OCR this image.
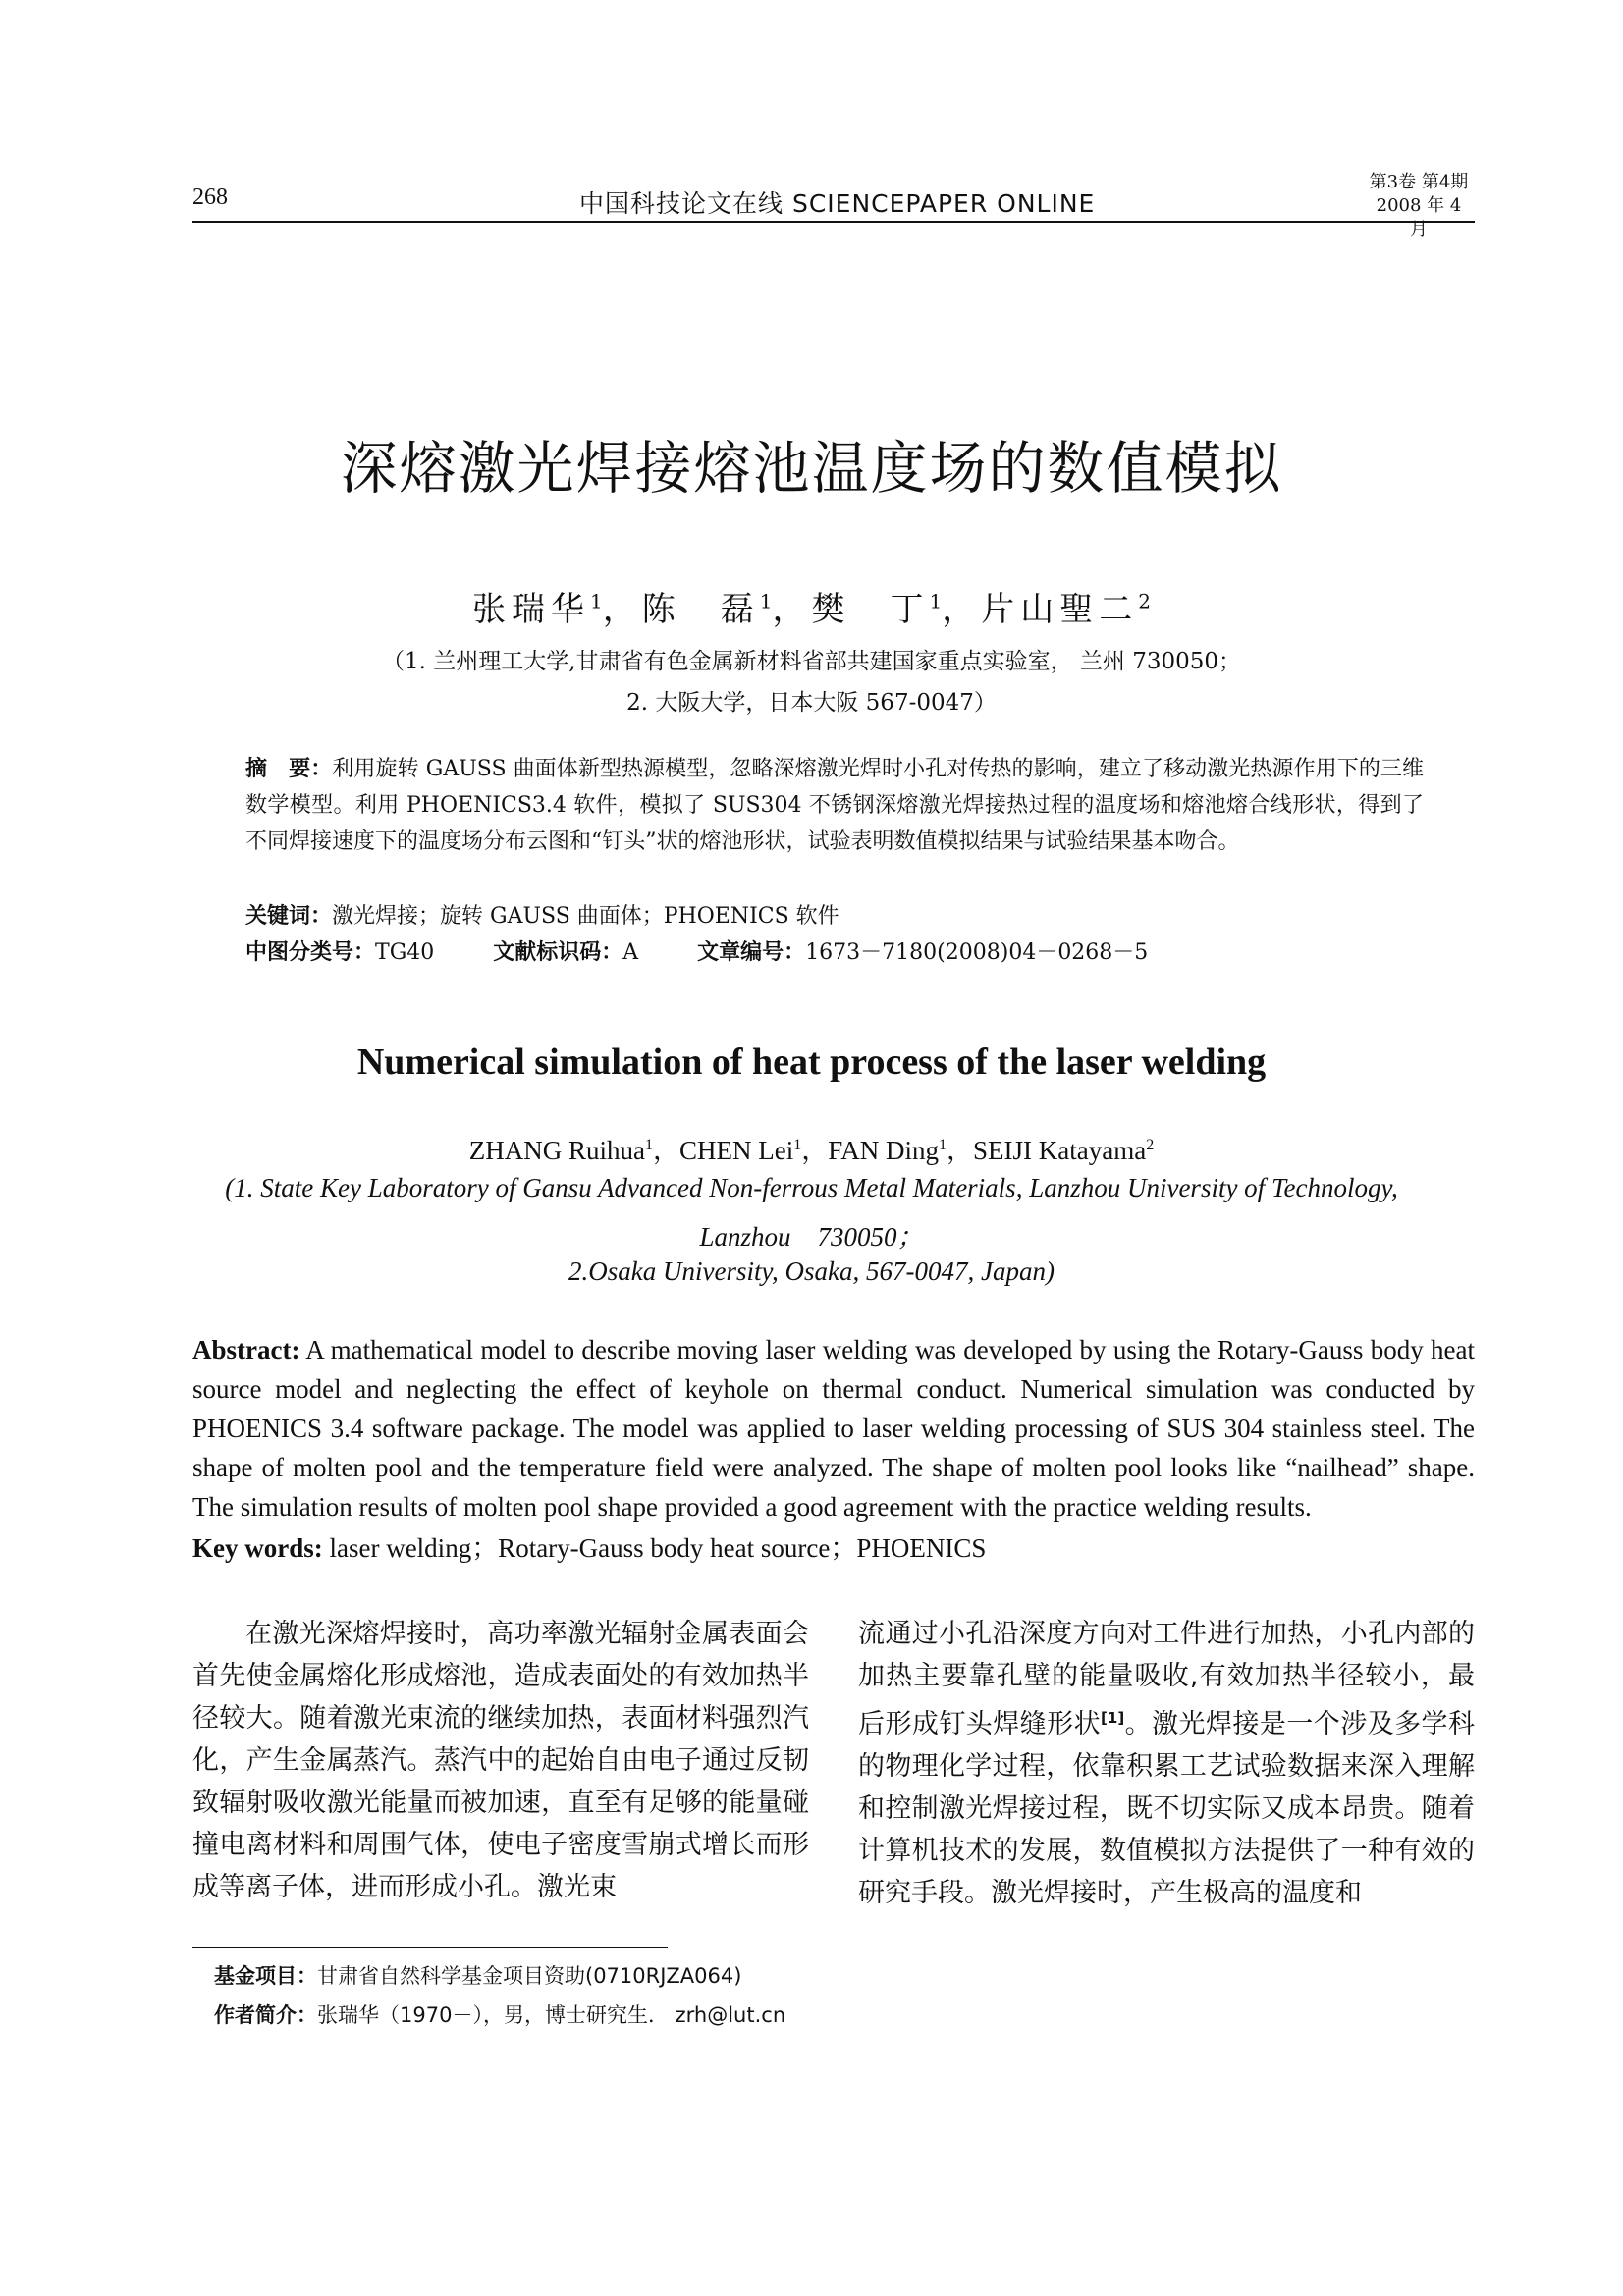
268	中国科技论文在线 SCIENCEPAPER ONLINE
第3卷 第4期
2008 年 4 月
深熔激光焊接熔池温度场的数值模拟
张瑞华$^1$，陈　磊$^1$，樊　丁$^1$，片山聖二$^2$
（1. 兰州理工大学,甘肃省有色金属新材料省部共建国家重点实验室， 兰州 730050；
2. 大阪大学，日本大阪 567-0047）
摘　要：利用旋转 GAUSS 曲面体新型热源模型，忽略深熔激光焊时小孔对传热的影响，建立了移动激光热源作用下的三维数学模型。利用 PHOENICS3.4 软件，模拟了 SUS304 不锈钢深熔激光焊接热过程的温度场和熔池熔合线形状，得到了不同焊接速度下的温度场分布云图和“钉头”状的熔池形状，试验表明数值模拟结果与试验结果基本吻合。
关键词：激光焊接；旋转 GAUSS 曲面体；PHOENICS 软件
中图分类号：TG40	文献标识码：A	文章编号：1673－7180(2008)04－0268－5
Numerical simulation of heat process of the laser welding
ZHANG Ruihua$^1$，CHEN Lei$^1$，FAN Ding$^1$，SEIJI Katayama$^2$
(1. State Key Laboratory of Gansu Advanced Non-ferrous Metal Materials, Lanzhou University of Technology,
Lanzhou　730050；
2.Osaka University, Osaka, 567-0047, Japan)
Abstract: A mathematical model to describe moving laser welding was developed by using the Rotary-Gauss body heat source model and neglecting the effect of keyhole on thermal conduct. Numerical simulation was conducted by PHOENICS 3.4 software package. The model was applied to laser welding processing of SUS 304 stainless steel. The shape of molten pool and the temperature field were analyzed. The shape of molten pool looks like “nailhead” shape. The simulation results of molten pool shape provided a good agreement with the practice welding results.
Key words: laser welding；Rotary-Gauss body heat source；PHOENICS
在激光深熔焊接时，高功率激光辐射金属表面会首先使金属熔化形成熔池，造成表面处的有效加热半径较大。随着激光束流的继续加热，表面材料强烈汽化，产生金属蒸汽。蒸汽中的起始自由电子通过反韧致辐射吸收激光能量而被加速，直至有足够的能量碰撞电离材料和周围气体，使电子密度雪崩式增长而形成等离子体，进而形成小孔。激光束
流通过小孔沿深度方向对工件进行加热，小孔内部的加热主要靠孔壁的能量吸收,有效加热半径较小，最后形成钉头焊缝形状[1]。激光焊接是一个涉及多学科的物理化学过程，依靠积累工艺试验数据来深入理解和控制激光焊接过程，既不切实际又成本昂贵。随着计算机技术的发展，数值模拟方法提供了一种有效的研究手段。激光焊接时，产生极高的温度和
基金项目：甘肃省自然科学基金项目资助(0710RJZA064)
作者简介：张瑞华（1970－），男，博士研究生． zrh@lut.cn
